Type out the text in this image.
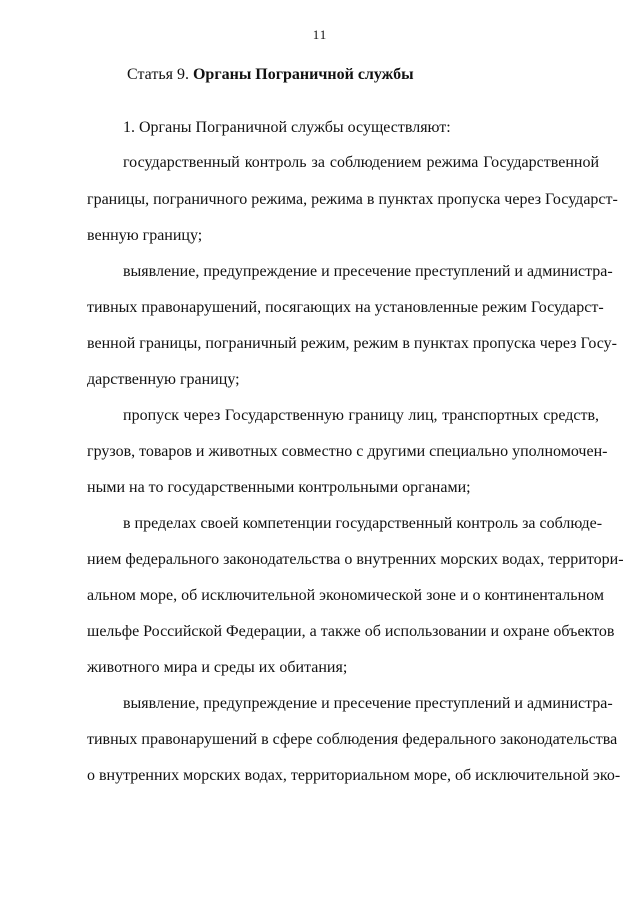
11
Статья 9. Органы Пограничной службы
1. Органы Пограничной службы осуществляют:
государственный контроль за соблюдением режима Государственной
границы, пограничного режима, режима в пунктах пропуска через Государст-
венную границу;
выявление, предупреждение и пресечение преступлений и администра-
тивных правонарушений, посягающих на установленные режим Государст-
венной границы, пограничный режим, режим в пунктах пропуска через Госу-
дарственную границу;
пропуск через Государственную границу лиц, транспортных средств,
грузов, товаров и животных совместно с другими специально уполномочен-
ными на то государственными контрольными органами;
в пределах своей компетенции государственный контроль за соблюде-
нием федерального законодательства о внутренних морских водах, территори-
альном море, об исключительной экономической зоне и о континентальном
шельфе Российской Федерации, а также об использовании и охране объектов
животного мира и среды их обитания;
выявление, предупреждение и пресечение преступлений и администра-
тивных правонарушений в сфере соблюдения федерального законодательства
о внутренних морских водах, территориальном море, об исключительной эко-
